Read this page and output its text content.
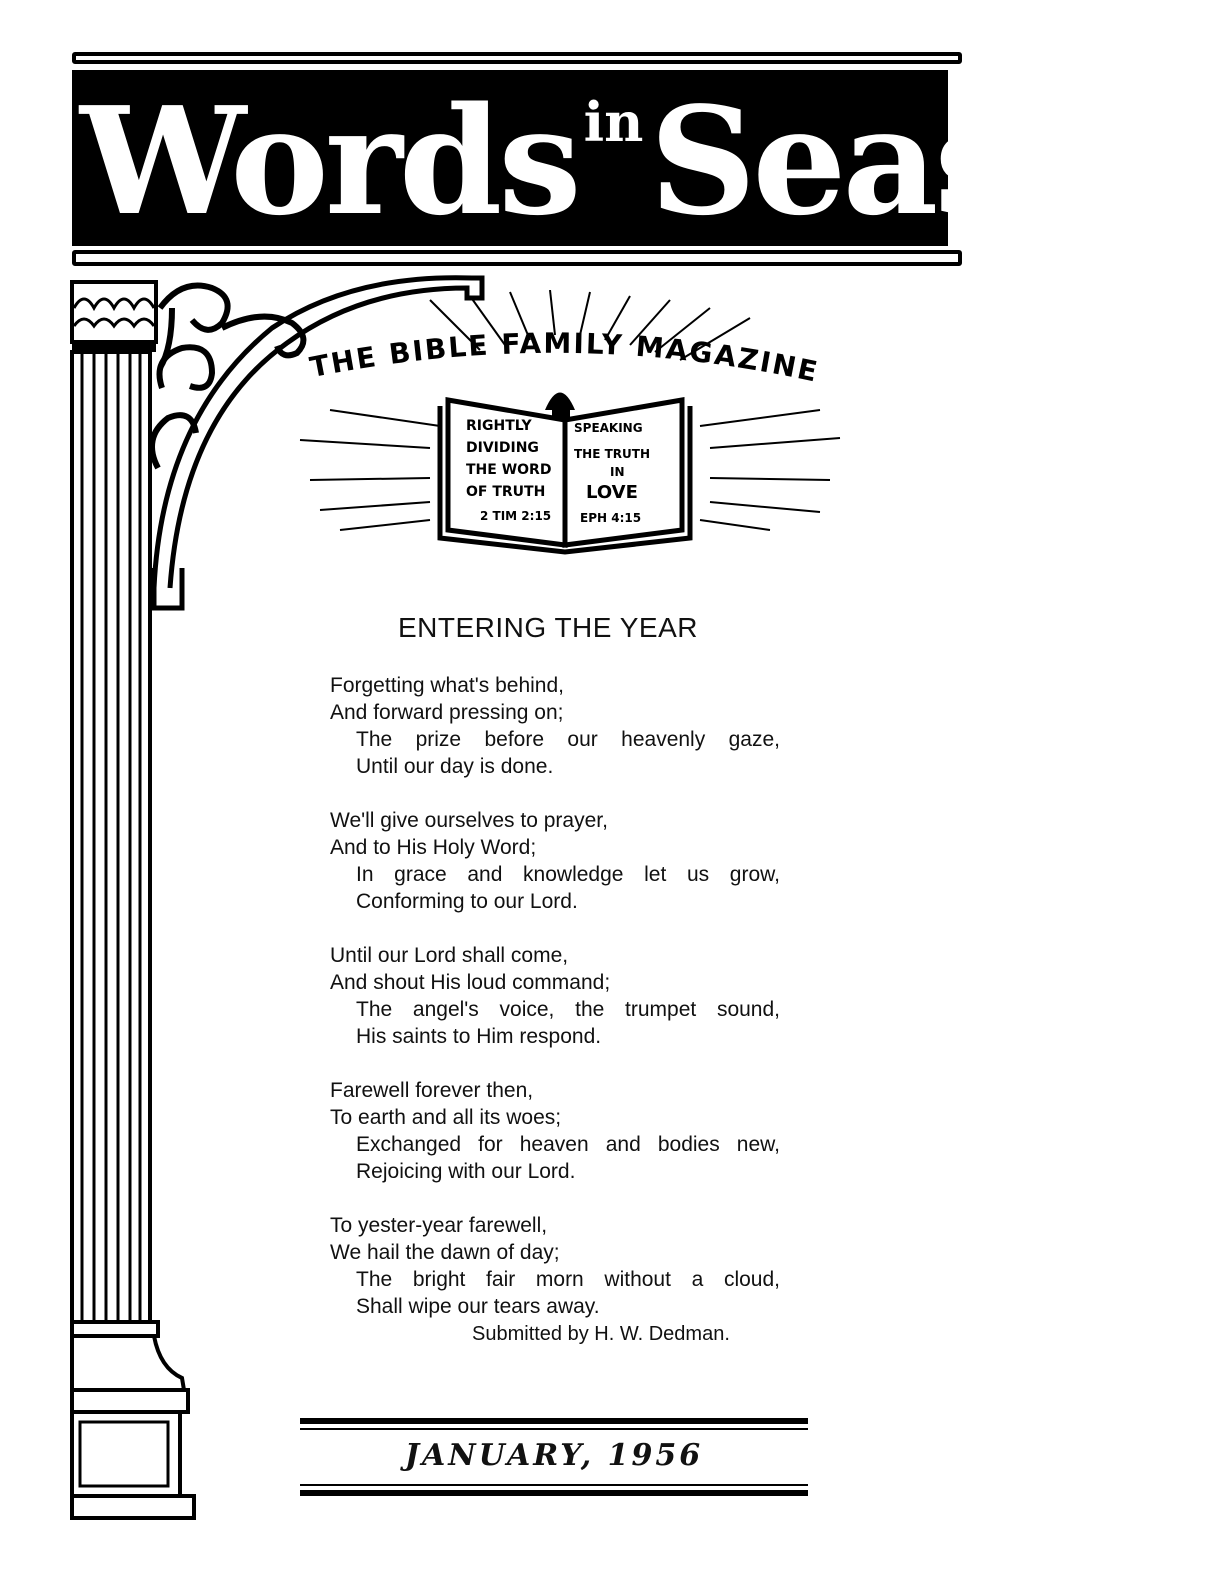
Words inSeason
THE BIBLE FAMILY MAGAZINE
RIGHTLY
DIVIDING
THE WORD
OF TRUTH
2 TIM 2:15
SPEAKING
THE TRUTH
IN
LOVE
EPH 4:15
ENTERING THE YEAR
Forgetting what's behind,
And forward pressing on;
The prize before our heavenly gaze,
Until our day is done.
We'll give ourselves to prayer,
And to His Holy Word;
In grace and knowledge let us grow,
Conforming to our Lord.
Until our Lord shall come,
And shout His loud command;
The angel's voice, the trumpet sound,
His saints to Him respond.
Farewell forever then,
To earth and all its woes;
Exchanged for heaven and bodies new,
Rejoicing with our Lord.
To yester-year farewell,
We hail the dawn of day;
The bright fair morn without a cloud,
Shall wipe our tears away.
Submitted by H. W. Dedman.
JANUARY, 1956
